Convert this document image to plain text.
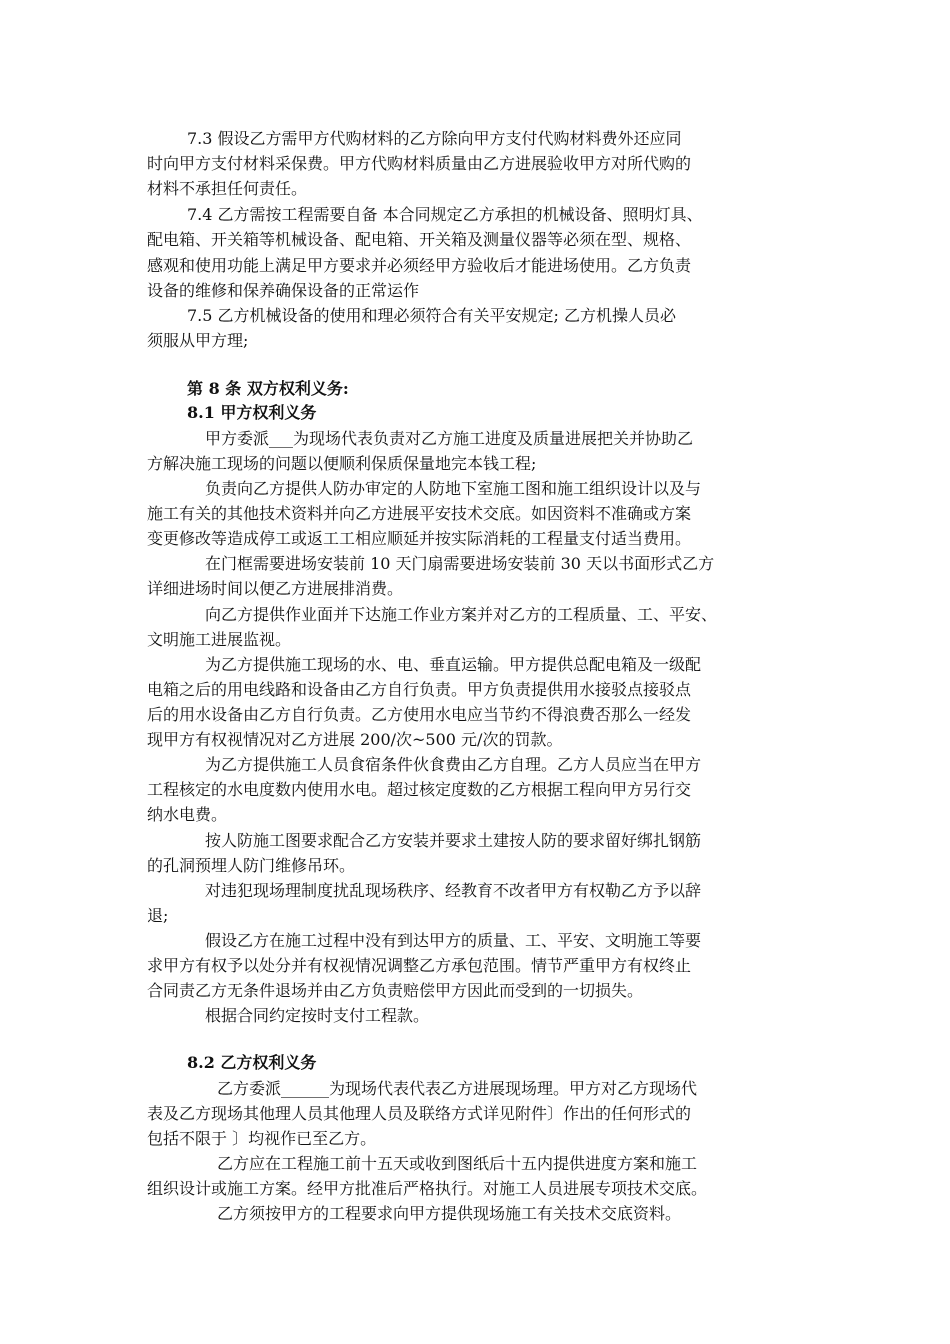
7.3 假设乙方需甲方代购材料的乙方除向甲方支付代购材料费外还应同

时向甲方支付材料采保费。甲方代购材料质量由乙方进展验收甲方对所代购的

材料不承担任何责任。

7.4 乙方需按工程需要自备 本合同规定乙方承担的机械设备、照明灯具、

配电箱、开关箱等机械设备、配电箱、开关箱及测量仪器等必须在型、规格、

感观和使用功能上满足甲方要求并必须经甲方验收后才能进场使用。乙方负责

设备的维修和保养确保设备的正常运作

7.5 乙方机械设备的使用和理必须符合有关平安规定; 乙方机操人员必

须服从甲方理;

第 8 条 双方权利义务:

8.1 甲方权利义务

甲方委派___为现场代表负责对乙方施工进度及质量进展把关并协助乙

方解决施工现场的问题以便顺利保质保量地完本钱工程;

负责向乙方提供人防办审定的人防地下室施工图和施工组织设计以及与

施工有关的其他技术资料并向乙方进展平安技术交底。如因资料不准确或方案

变更修改等造成停工或返工工相应顺延并按实际消耗的工程量支付适当费用。

在门框需要进场安装前 10 天门扇需要进场安装前 30 天以书面形式乙方

详细进场时间以便乙方进展排消费。

向乙方提供作业面并下达施工作业方案并对乙方的工程质量、工、平安、

文明施工进展监视。

为乙方提供施工现场的水、电、垂直运输。甲方提供总配电箱及一级配

电箱之后的用电线路和设备由乙方自行负责。甲方负责提供用水接驳点接驳点

后的用水设备由乙方自行负责。乙方使用水电应当节约不得浪费否那么一经发

现甲方有权视情况对乙方进展 200/次~500 元/次的罚款。

为乙方提供施工人员食宿条件伙食费由乙方自理。乙方人员应当在甲方

工程核定的水电度数内使用水电。超过核定度数的乙方根据工程向甲方另行交

纳水电费。

按人防施工图要求配合乙方安装并要求土建按人防的要求留好绑扎钢筋

的孔洞预埋人防门维修吊环。

对违犯现场理制度扰乱现场秩序、经教育不改者甲方有权勒乙方予以辞

退;

假设乙方在施工过程中没有到达甲方的质量、工、平安、文明施工等要

求甲方有权予以处分并有权视情况调整乙方承包范围。情节严重甲方有权终止

合同责乙方无条件退场并由乙方负责赔偿甲方因此而受到的一切损失。

根据合同约定按时支付工程款。

8.2 乙方权利义务

乙方委派______为现场代表代表乙方进展现场理。甲方对乙方现场代

表及乙方现场其他理人员其他理人员及联络方式详见附件〕作出的任何形式的

包括不限于 〕均视作已至乙方。

乙方应在工程施工前十五天或收到图纸后十五内提供进度方案和施工

组织设计或施工方案。经甲方批准后严格执行。对施工人员进展专项技术交底。

乙方须按甲方的工程要求向甲方提供现场施工有关技术交底资料。
